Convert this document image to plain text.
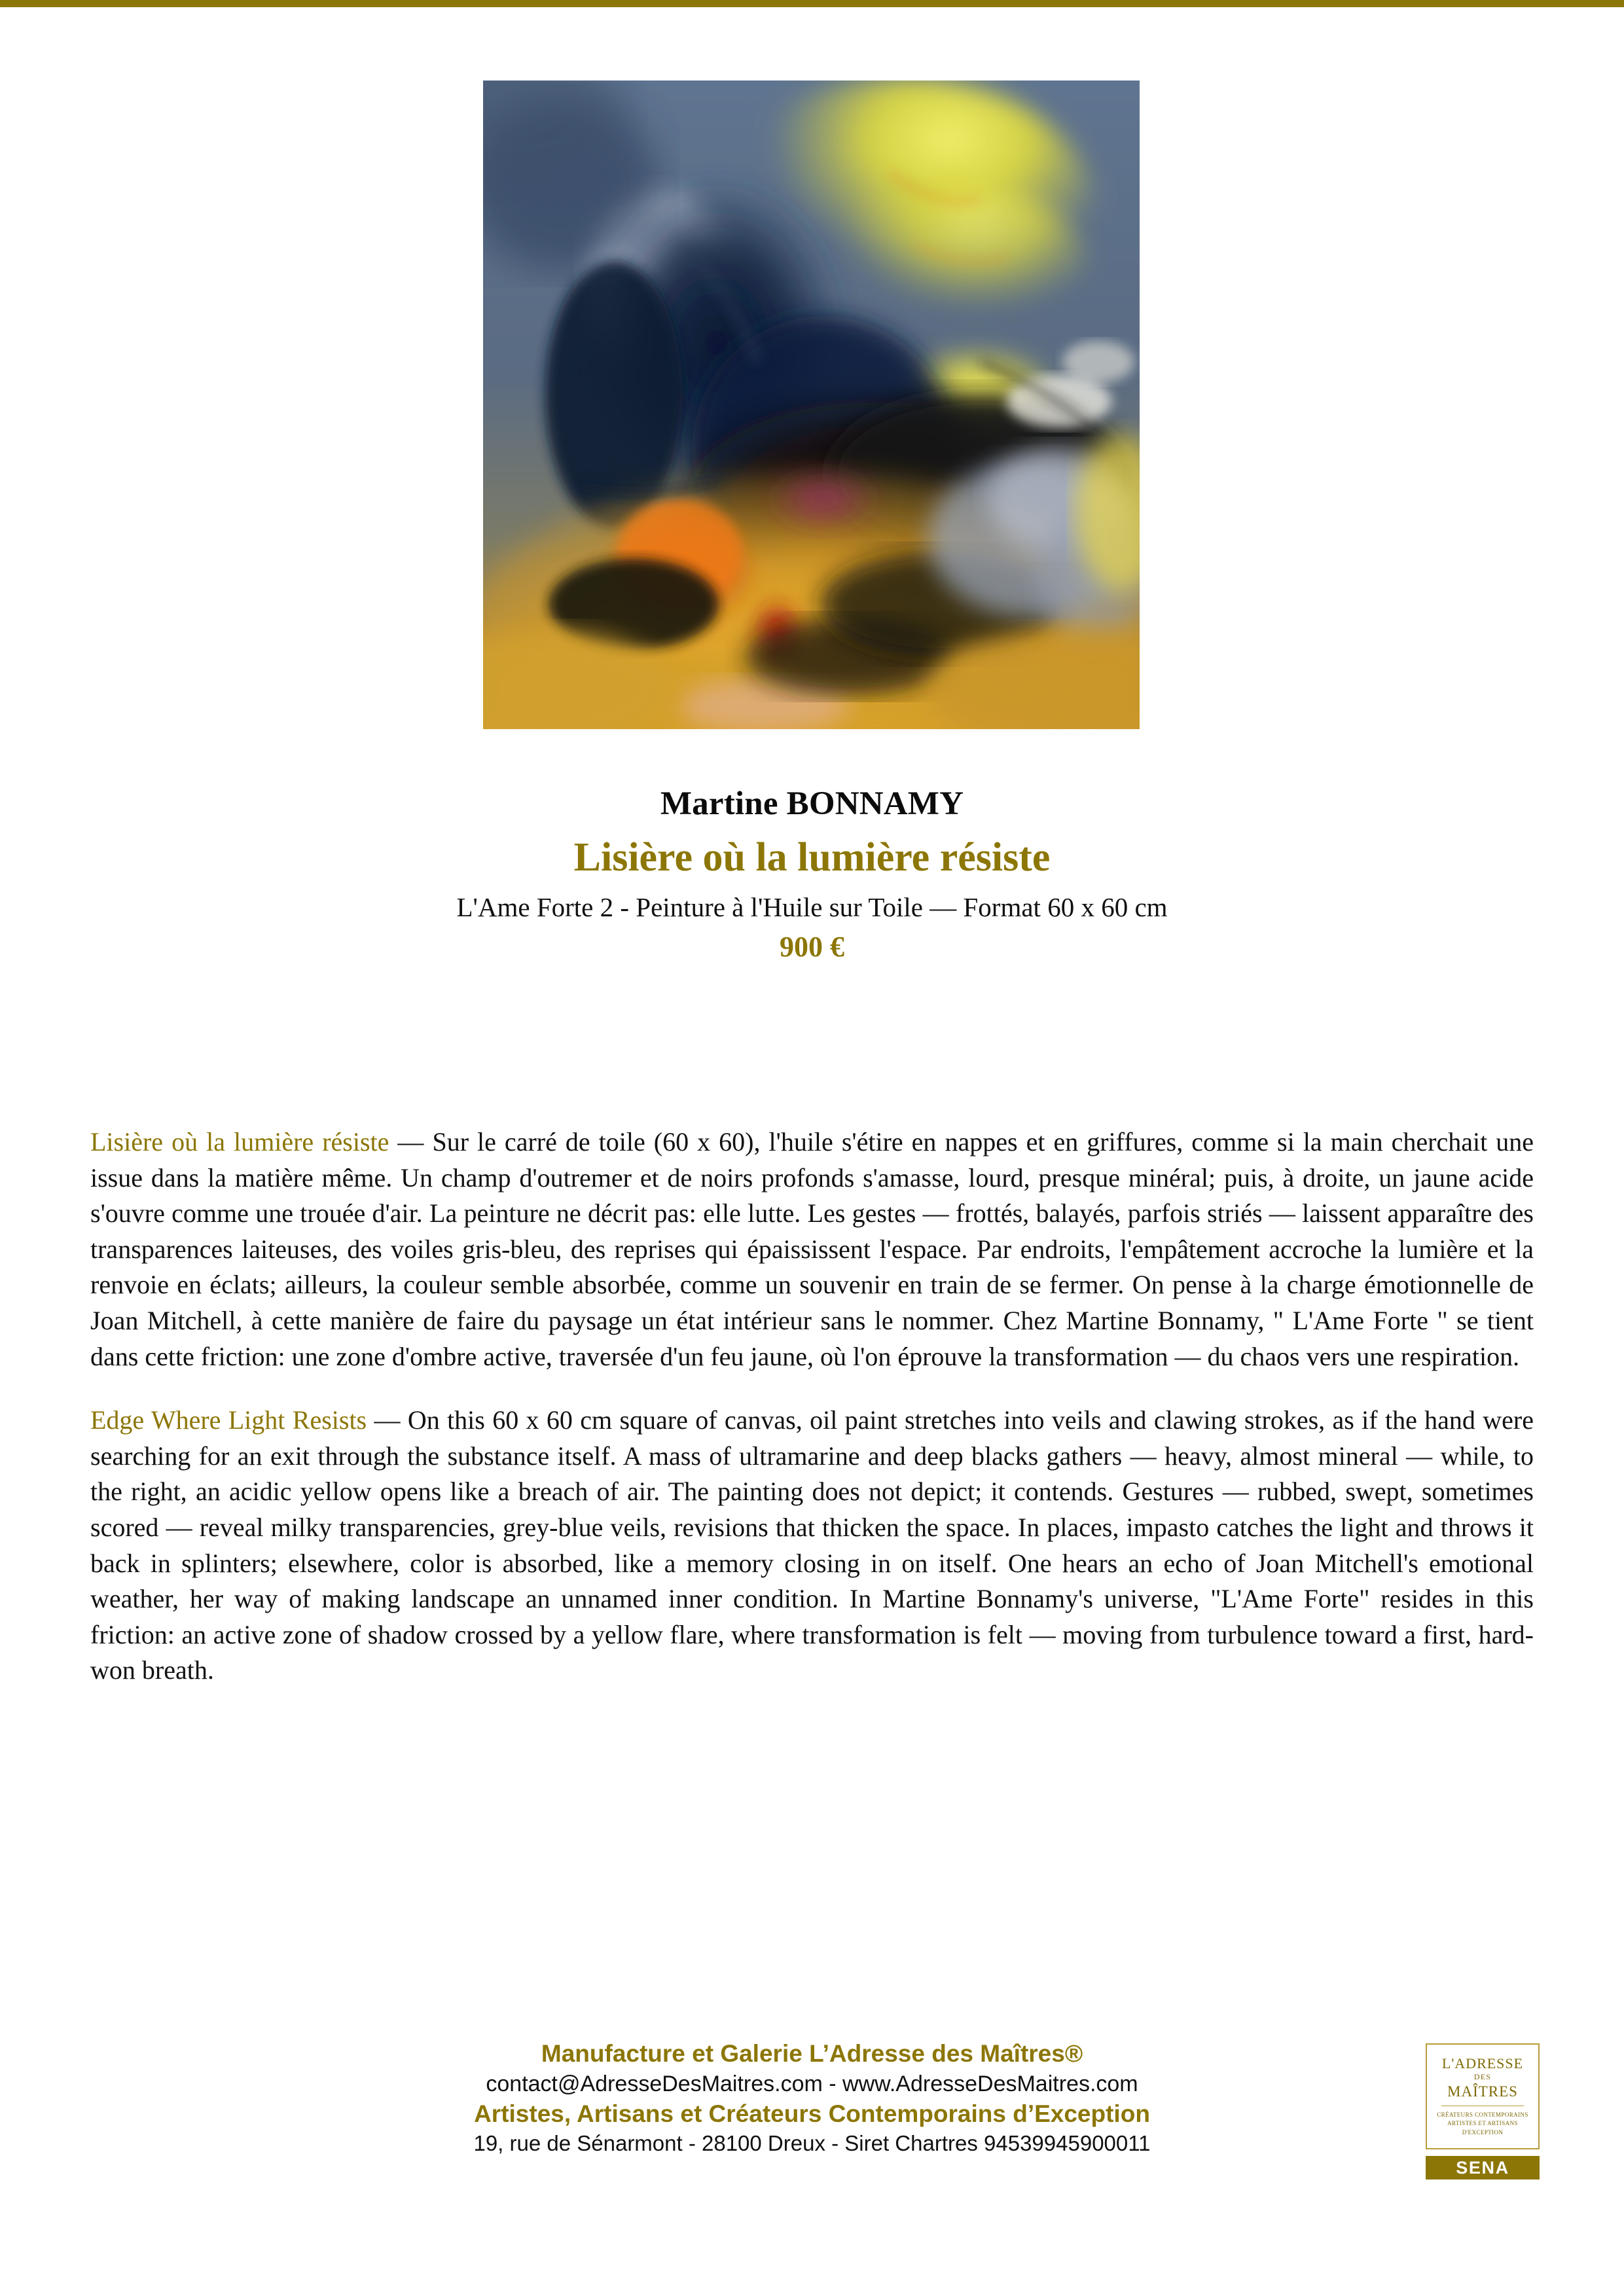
Martine BONNAMY
Lisière où la lumière résiste
L'Ame Forte 2 - Peinture à l'Huile sur Toile — Format 60 x 60 cm
900 €

Lisière où la lumière résiste — Sur le carré de toile (60 x 60), l'huile s'étire en nappes et en griffures, comme si la main cherchait une issue dans la matière même. Un champ d'outremer et de noirs profonds s'amasse, lourd, presque minéral; puis, à droite, un jaune acide s'ouvre comme une trouée d'air. La peinture ne décrit pas: elle lutte. Les gestes — frottés, balayés, parfois striés — laissent apparaître des transparences laiteuses, des voiles gris-bleu, des reprises qui épaississent l'espace. Par endroits, l'empâtement accroche la lumière et la renvoie en éclats; ailleurs, la couleur semble absorbée, comme un souvenir en train de se fermer. On pense à la charge émotionnelle de Joan Mitchell, à cette manière de faire du paysage un état intérieur sans le nommer. Chez Martine Bonnamy, " L'Ame Forte " se tient dans cette friction: une zone d'ombre active, traversée d'un feu jaune, où l'on éprouve la transformation — du chaos vers une respiration.

Edge Where Light Resists — On this 60 x 60 cm square of canvas, oil paint stretches into veils and clawing strokes, as if the hand were searching for an exit through the substance itself. A mass of ultramarine and deep blacks gathers — heavy, almost mineral — while, to the right, an acidic yellow opens like a breach of air. The painting does not depict; it contends. Gestures — rubbed, swept, sometimes scored — reveal milky transparencies, grey-blue veils, revisions that thicken the space. In places, impasto catches the light and throws it back in splinters; elsewhere, color is absorbed, like a memory closing in on itself. One hears an echo of Joan Mitchell's emotional weather, her way of making landscape an unnamed inner condition. In Martine Bonnamy's universe, "L'Ame Forte" resides in this friction: an active zone of shadow crossed by a yellow flare, where transformation is felt — moving from turbulence toward a first, hard-won breath.

Manufacture et Galerie L’Adresse des Maîtres®
contact@AdresseDesMaitres.com - www.AdresseDesMaitres.com
Artistes, Artisans et Créateurs Contemporains d’Exception
19, rue de Sénarmont - 28100 Dreux - Siret Chartres 94539945900011
L'ADRESSE
DES
MAÎTRES
CRÉATEURS CONTEMPORAINS
ARTISTES ET ARTISANS
D'EXCEPTION
SENA
